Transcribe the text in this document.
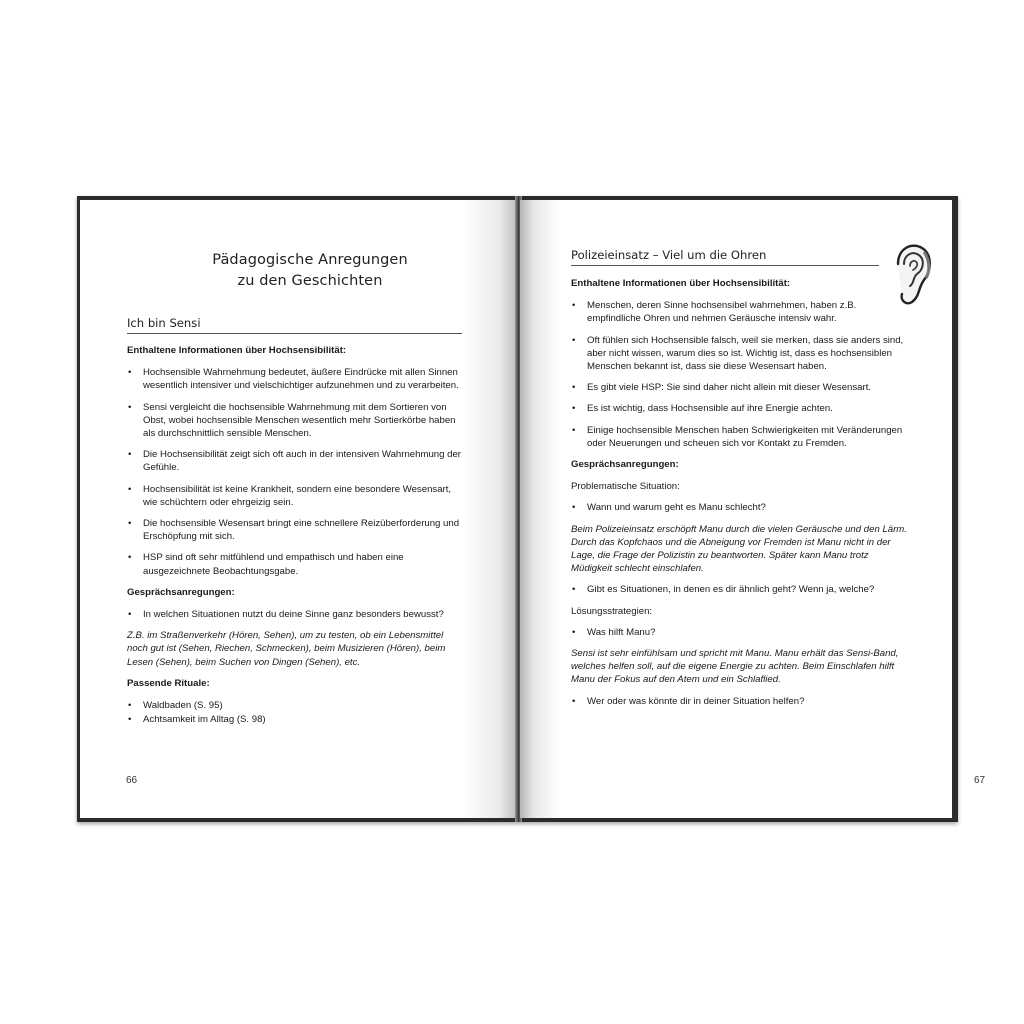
Pädagogische Anregungen
zu den Geschichten
Ich bin Sensi

Enthaltene Informationen über Hochsensibilität:

• Hochsensible Wahrnehmung bedeutet, äußere Eindrücke mit allen Sinnen wesentlich intensiver und vielschichtiger aufzunehmen und zu verarbeiten.
• Sensi vergleicht die hochsensible Wahrnehmung mit dem Sortieren von Obst, wobei hochsensible Menschen wesentlich mehr Sortierkörbe haben als durchschnittlich sensible Menschen.
• Die Hochsensibilität zeigt sich oft auch in der intensiven Wahrnehmung der Gefühle.
• Hochsensibilität ist keine Krankheit, sondern eine besondere Wesensart, wie schüchtern oder ehrgeizig sein.
• Die hochsensible Wesensart bringt eine schnellere Reizüberforderung und Erschöpfung mit sich.
• HSP sind oft sehr mitfühlend und empathisch und haben eine ausgezeichnete Beobachtungsgabe.

Gesprächsanregungen:

• In welchen Situationen nutzt du deine Sinne ganz besonders bewusst?

Z.B. im Straßenverkehr (Hören, Sehen), um zu testen, ob ein Lebensmittel noch gut ist (Sehen, Riechen, Schmecken), beim Musizieren (Hören), beim Lesen (Sehen), beim Suchen von Dingen (Sehen), etc.

Passende Rituale:

• Waldbaden (S. 95)
• Achtsamkeit im Alltag (S. 98)
66
Polizeieinsatz – Viel um die Ohren

Enthaltene Informationen über Hochsensibilität:

• Menschen, deren Sinne hochsensibel wahrnehmen, haben z.B. empfindliche Ohren und nehmen Geräusche intensiv wahr.
• Oft fühlen sich Hochsensible falsch, weil sie merken, dass sie anders sind, aber nicht wissen, warum dies so ist. Wichtig ist, dass es hochsensiblen Menschen bekannt ist, dass sie diese Wesensart haben.
• Es gibt viele HSP: Sie sind daher nicht allein mit dieser Wesensart.
• Es ist wichtig, dass Hochsensible auf ihre Energie achten.
• Einige hochsensible Menschen haben Schwierigkeiten mit Veränderungen oder Neuerungen und scheuen sich vor Kontakt zu Fremden.

Gesprächsanregungen:

Problematische Situation:

• Wann und warum geht es Manu schlecht?

Beim Polizeieinsatz erschöpft Manu durch die vielen Geräusche und den Lärm. Durch das Kopfchaos und die Abneigung vor Fremden ist Manu nicht in der Lage, die Frage der Polizistin zu beantworten. Später kann Manu trotz Müdigkeit schlecht einschlafen.

• Gibt es Situationen, in denen es dir ähnlich geht? Wenn ja, welche?

Lösungsstrategien:

• Was hilft Manu?

Sensi ist sehr einfühlsam und spricht mit Manu. Manu erhält das Sensi-Band, welches helfen soll, auf die eigene Energie zu achten. Beim Einschlafen hilft Manu der Fokus auf den Atem und ein Schlaflied.

• Wer oder was könnte dir in deiner Situation helfen?
67
